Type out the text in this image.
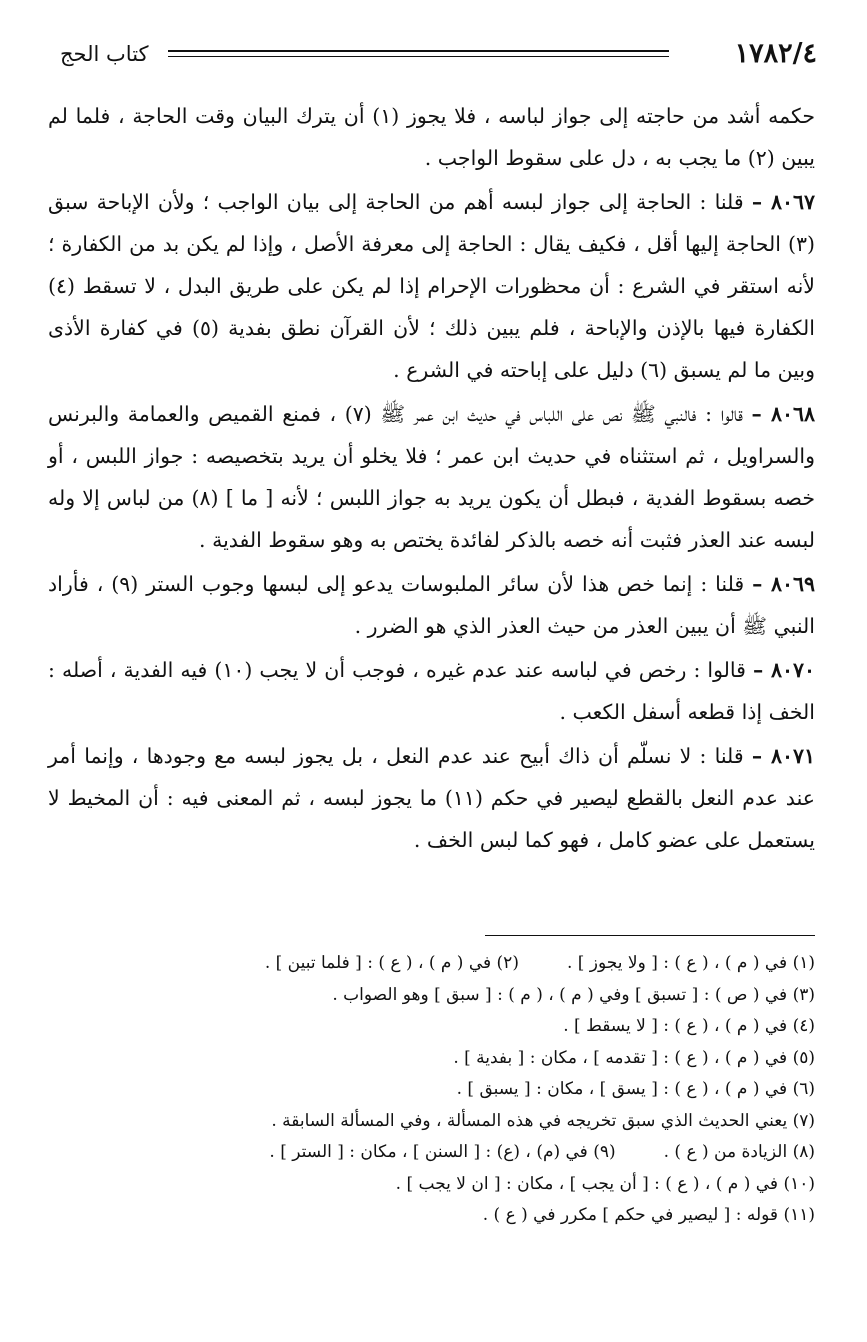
١٧٨٢/٤
كتاب الحج

حكمه أشد من حاجته إلى جواز لباسه ، فلا يجوز (١) أن يترك البيان وقت الحاجة ، فلما لم يبين (٢) ما يجب به ، دل على سقوط الواجب .

٨٠٦٧ – قلنا : الحاجة إلى جواز لبسه أهم من الحاجة إلى بيان الواجب ؛ ولأن الإباحة سبق (٣) الحاجة إليها أقل ، فكيف يقال : الحاجة إلى معرفة الأصل ، وإذا لم يكن بد من الكفارة ؛ لأنه استقر في الشرع : أن محظورات الإحرام إذا لم يكن على طريق البدل ، لا تسقط (٤) الكفارة فيها بالإذن والإباحة ، فلم يبين ذلك ؛ لأن القرآن نطق بفدية (٥) في كفارة الأذى وبين ما لم يسبق (٦) دليل على إباحته في الشرع .

٨٠٦٨ – قالوا : فالنبي ﷺ نص على اللباس في حديث ابن عمر ﷺ (٧) ، فمنع القميص والعمامة والبرنس والسراويل ، ثم استثناه في حديث ابن عمر ؛ فلا يخلو أن يريد بتخصيصه : جواز اللبس ، أو خصه بسقوط الفدية ، فبطل أن يكون يريد به جواز اللبس ؛ لأنه [ ما ] (٨) من لباس إلا وله لبسه عند العذر فثبت أنه خصه بالذكر لفائدة يختص به وهو سقوط الفدية .

٨٠٦٩ – قلنا : إنما خص هذا لأن سائر الملبوسات يدعو إلى لبسها وجوب الستر (٩) ، فأراد النبي ﷺ أن يبين العذر من حيث العذر الذي هو الضرر .

٨٠٧٠ – قالوا : رخص في لباسه عند عدم غيره ، فوجب أن لا يجب (١٠) فيه الفدية ، أصله : الخف إذا قطعه أسفل الكعب .

٨٠٧١ – قلنا : لا نسلّم أن ذاك أبيح عند عدم النعل ، بل يجوز لبسه مع وجودها ، وإنما أمر عند عدم النعل بالقطع ليصير في حكم (١١) ما يجوز لبسه ، ثم المعنى فيه : أن المخيط لا يستعمل على عضو كامل ، فهو كما لبس الخف .

(١) في ( م ) ، ( ع ) : [ ولا يجوز ] .
(٢) في ( م ) ، ( ع ) : [ فلما تبين ] .
(٣) في ( ص ) : [ تسبق ] وفي ( م ) ، ( م ) : [ سبق ] وهو الصواب .
(٤) في ( م ) ، ( ع ) : [ لا يسقط ] .
(٥) في ( م ) ، ( ع ) : [ تقدمه ] ، مكان : [ بفدية ] .
(٦) في ( م ) ، ( ع ) : [ يسق ] ، مكان : [ يسبق ] .
(٧) يعني الحديث الذي سبق تخريجه في هذه المسألة ، وفي المسألة السابقة .
(٨) الزيادة من ( ع ) .
(٩) في (م) ، (ع) : [ السنن ] ، مكان : [ الستر ] .
(١٠) في ( م ) ، ( ع ) : [ أن يجب ] ، مكان : [ ان لا يجب ] .
(١١) قوله : [ ليصير في حكم ] مكرر في ( ع ) .
